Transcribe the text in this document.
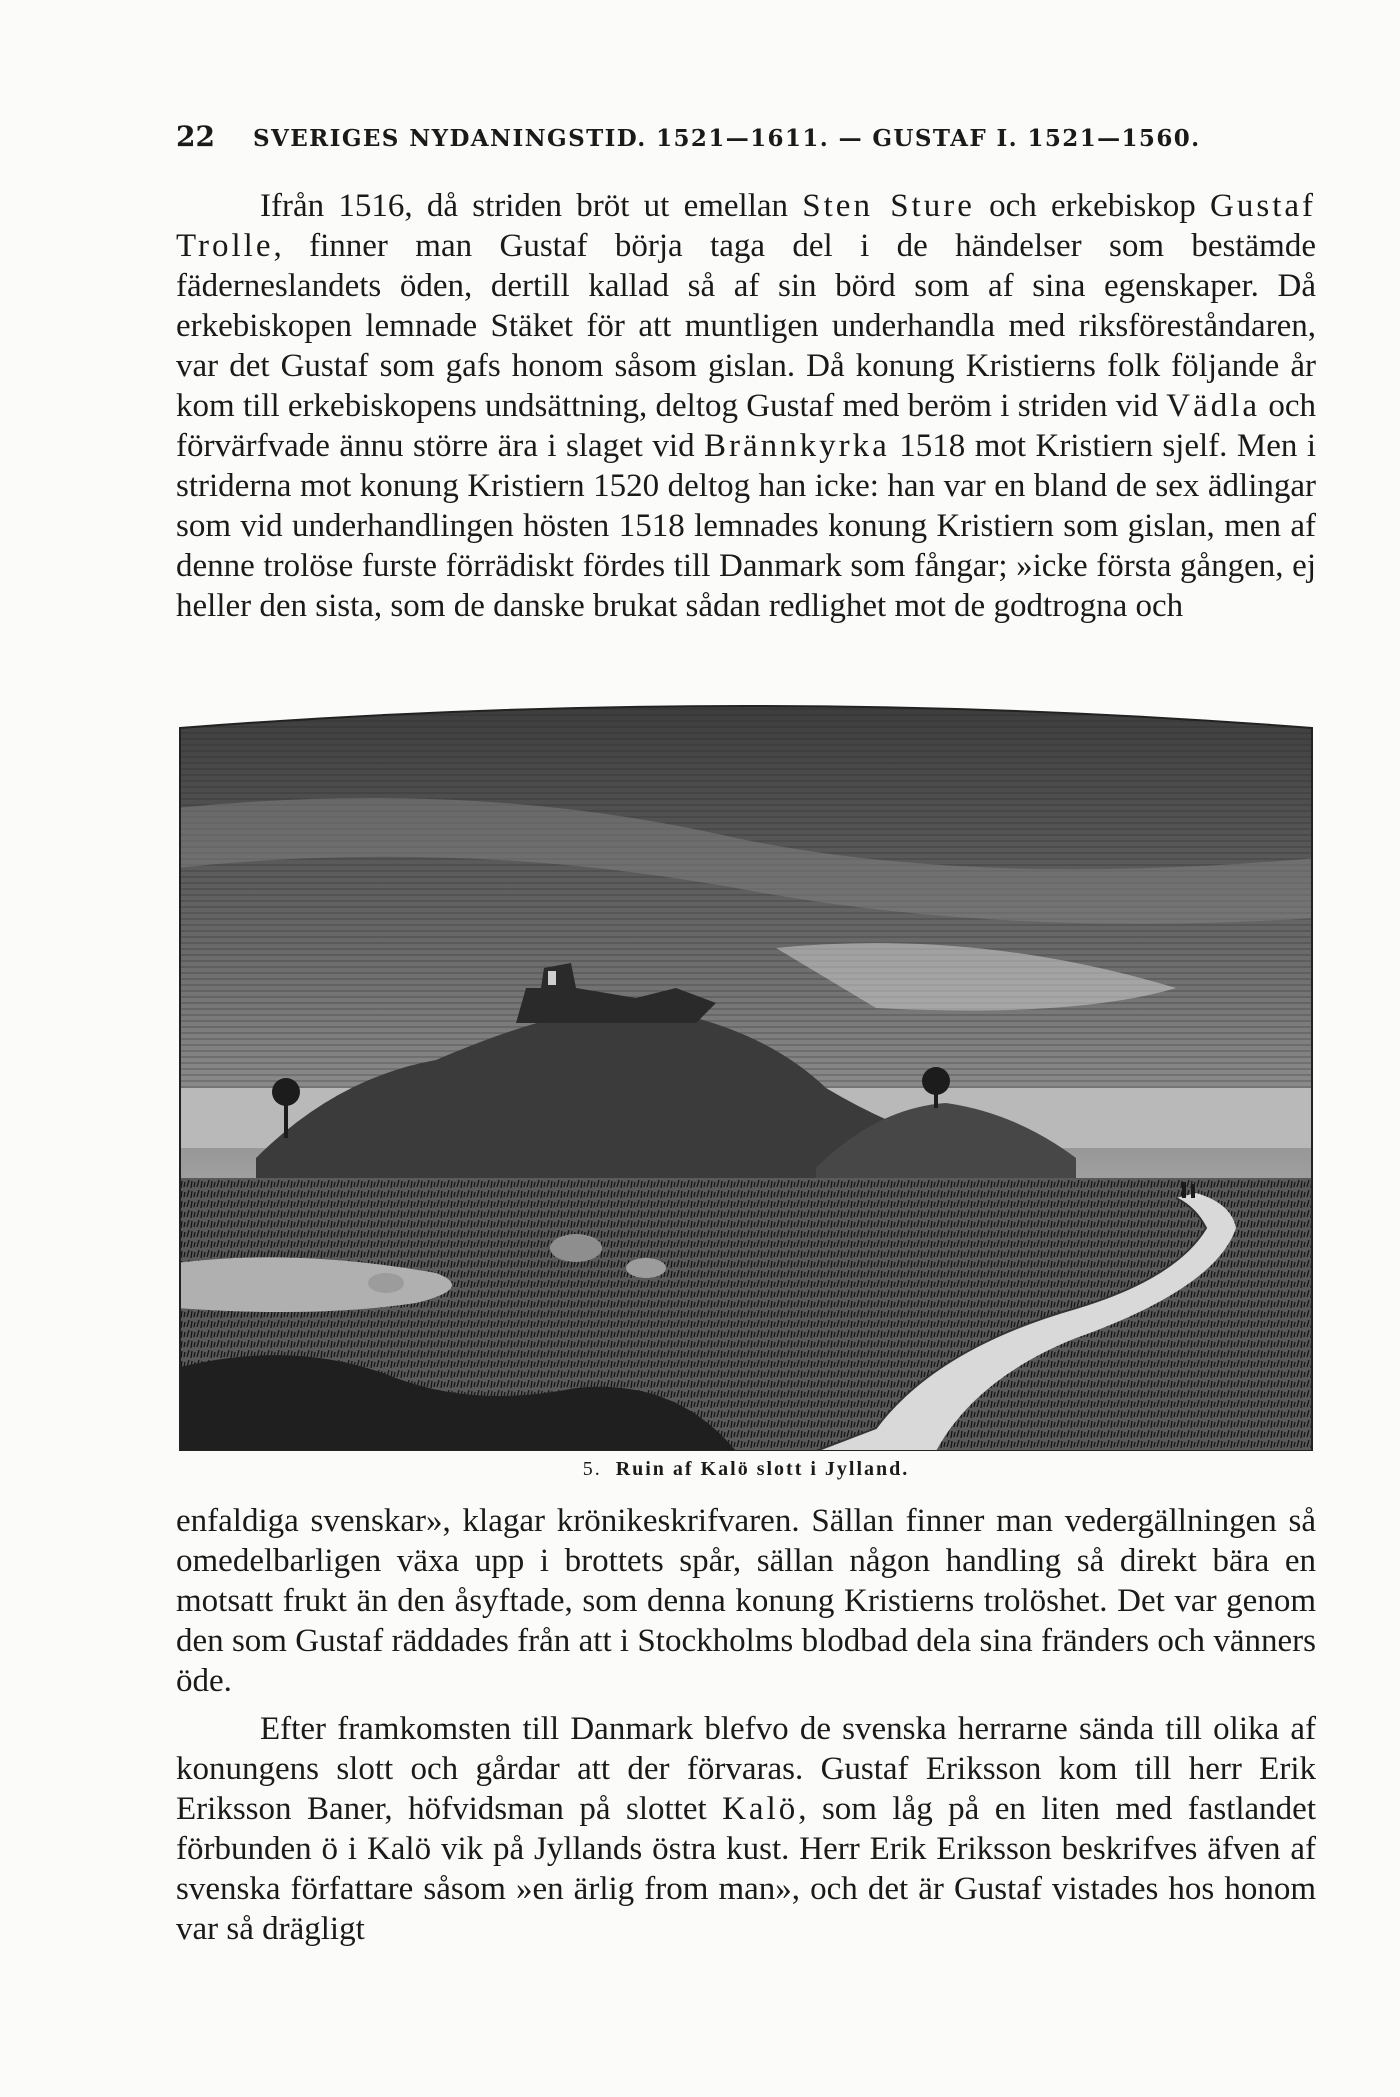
22 SVERIGES NYDANINGSTID. 1521—1611. — GUSTAF I. 1521—1560.

Ifrån 1516, då striden bröt ut emellan Sten Sture och erkebiskop Gustaf Trolle, finner man Gustaf börja taga del i de händelser som bestämde fäderneslandets öden, dertill kallad så af sin börd som af sina egenskaper. Då erkebiskopen lemnade Stäket för att muntligen underhandla med riksföreståndaren, var det Gustaf som gafs honom såsom gislan. Då konung Kristierns folk följande år kom till erkebiskopens undsättning, deltog Gustaf med beröm i striden vid Vädla och förvärfvade ännu större ära i slaget vid Brännkyrka 1518 mot Kristiern sjelf. Men i striderna mot konung Kristiern 1520 deltog han icke: han var en bland de sex ädlingar som vid underhandlingen hösten 1518 lemnades konung Kristiern som gislan, men af denne trolöse furste förrädiskt fördes till Danmark som fångar; »icke första gången, ej heller den sista, som de danske brukat sådan redlighet mot de godtrogna och

5. Ruin af Kalö slott i Jylland.

enfaldiga svenskar», klagar krönikeskrifvaren. Sällan finner man vedergällningen så omedelbarligen växa upp i brottets spår, sällan någon handling så direkt bära en motsatt frukt än den åsyftade, som denna konung Kristierns trolöshet. Det var genom den som Gustaf räddades från att i Stockholms blodbad dela sina fränders och vänners öde.

Efter framkomsten till Danmark blefvo de svenska herrarne sända till olika af konungens slott och gårdar att der förvaras. Gustaf Eriksson kom till herr Erik Eriksson Baner, höfvidsman på slottet Kalö, som låg på en liten med fastlandet förbunden ö i Kalö vik på Jyllands östra kust. Herr Erik Eriksson beskrifves äfven af svenska författare såsom »en ärlig from man», och det är Gustaf vistades hos honom var så drägligt
